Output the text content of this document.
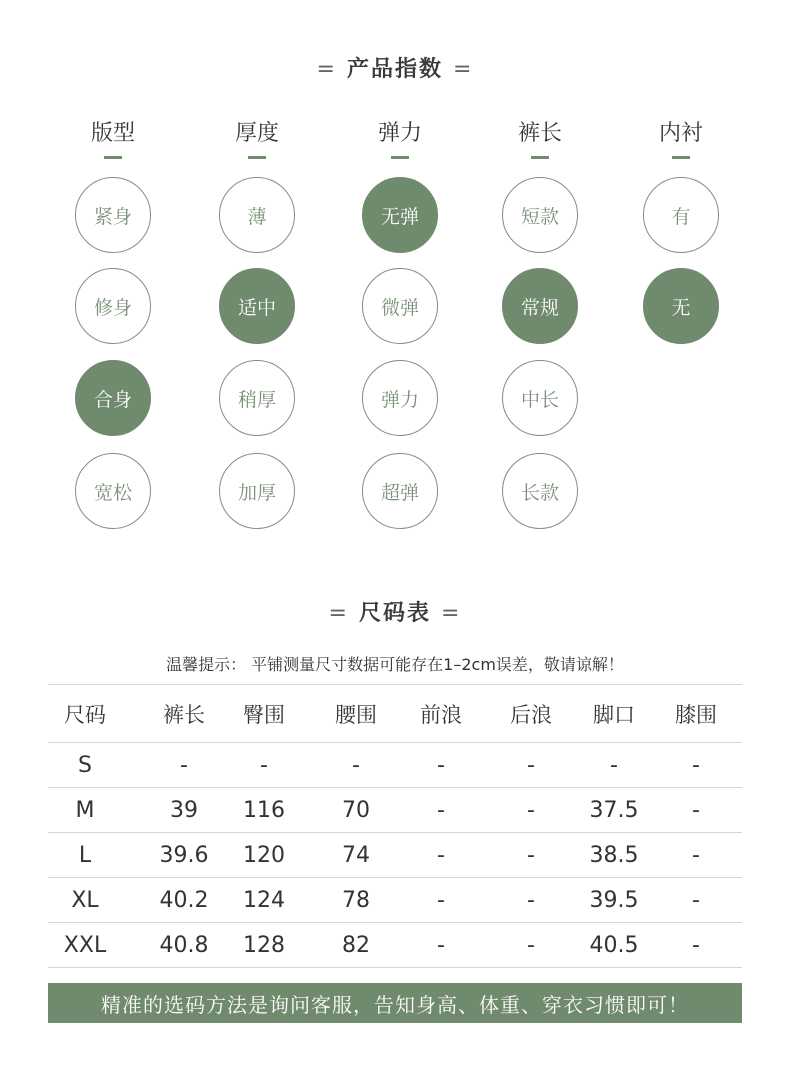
= 产品指数 =
版型
紧身
修身
合身
宽松
厚度
薄
适中
稍厚
加厚
弹力
无弹
微弹
弹力
超弹
裤长
短款
常规
中长
长款
内衬
有
无
= 尺码表 =
温馨提示： 平铺测量尺寸数据可能存在1–2cm误差，敬请谅解！
尺码	裤长	臀围	腰围	前浪	后浪	脚口	膝围
S	-	-	-	-	-	-	-
M	39	116	70	-	-	37.5	-
L	39.6	120	74	-	-	38.5	-
XL	40.2	124	78	-	-	39.5	-
XXL	40.8	128	82	-	-	40.5	-
精准的选码方法是询问客服，告知身高、体重、穿衣习惯即可！
